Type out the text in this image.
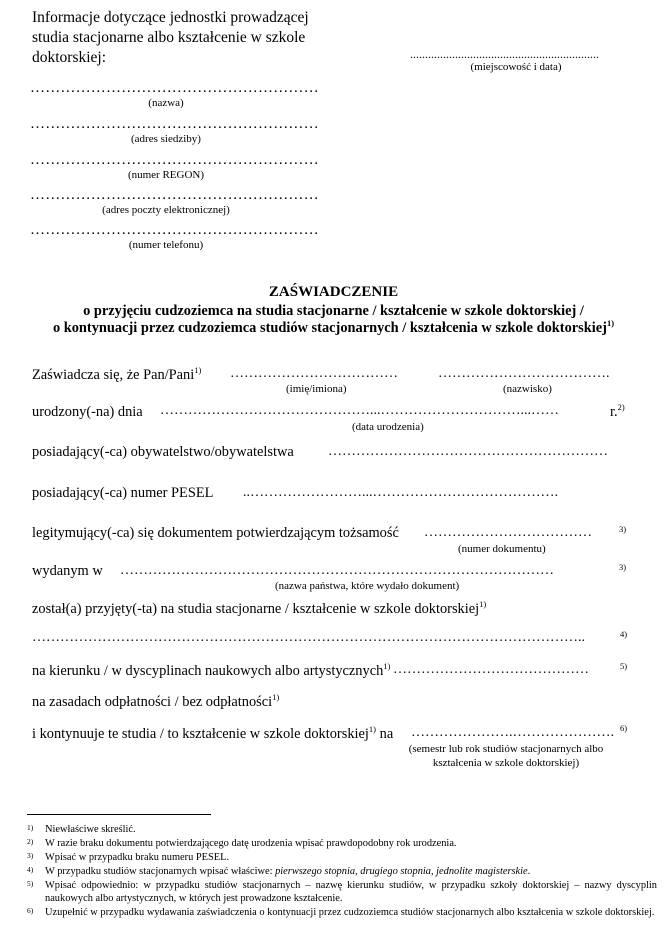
Informacje dotyczące jednostki prowadzącej
studia stacjonarne albo kształcenie w szkole
doktorskiej:	...............................................................
(miejscowość i data)
…………………………………………………
(nazwa)
…………………………………………………
(adres siedziby)
…………………………………………………
(numer REGON)
…………………………………………………
(adres poczty elektronicznej)
…………………………………………………
(numer telefonu)
ZAŚWIADCZENIE
o przyjęciu cudzoziemca na studia stacjonarne / kształcenie w szkole doktorskiej /
o kontynuacji przez cudzoziemca studiów stacjonarnych / kształcenia w szkole doktorskiej$^{1)}$
Zaświadcza się, że Pan/Pani$^{1)}$ ………………………………	……………………………….
(imię/imiona)	(nazwisko)
urodzony(-na) dnia ………………………………………...…………………………...……	r.$^{2)}$
(data urodzenia)
posiadający(-ca) obywatelstwo/obywatelstwa ……………………………………………………
posiadający(-ca) numer PESEL ..……………………...………………………………….
legitymujący(-ca) się dokumentem potwierdzającym tożsamość ………………………………	3)
(numer dokumentu)
wydanym w …………………………………………………………………………………	3)
(nazwa państwa, które wydało dokument)
został(a) przyjęty(-ta) na studia stacjonarne / kształcenie w szkole doktorskiej$^{1)}$
………………………………………………………………………………………………………..	4)
na kierunku / w dyscyplinach naukowych albo artystycznych$^{1)}$ ……………………………………	5)
na zasadach odpłatności / bez odpłatności$^{1)}$
i kontynuuje te studia / to kształcenie w szkole doktorskiej$^{1)}$ na ………………….…………………. 6)
(semestr lub rok studiów stacjonarnych albo
kształcenia w szkole doktorskiej)
1) Niewłaściwe skreślić.
2) W razie braku dokumentu potwierdzającego datę urodzenia wpisać prawdopodobny rok urodzenia.
3) Wpisać w przypadku braku numeru PESEL.
4) W przypadku studiów stacjonarnych wpisać właściwe: pierwszego stopnia, drugiego stopnia, jednolite magisterskie.
5) Wpisać odpowiednio: w przypadku studiów stacjonarnych – nazwę kierunku studiów, w przypadku szkoły doktorskiej – nazwy dyscyplin naukowych albo artystycznych, w których jest prowadzone kształcenie.
6) Uzupełnić w przypadku wydawania zaświadczenia o kontynuacji przez cudzoziemca studiów stacjonarnych albo kształcenia w szkole doktorskiej.
